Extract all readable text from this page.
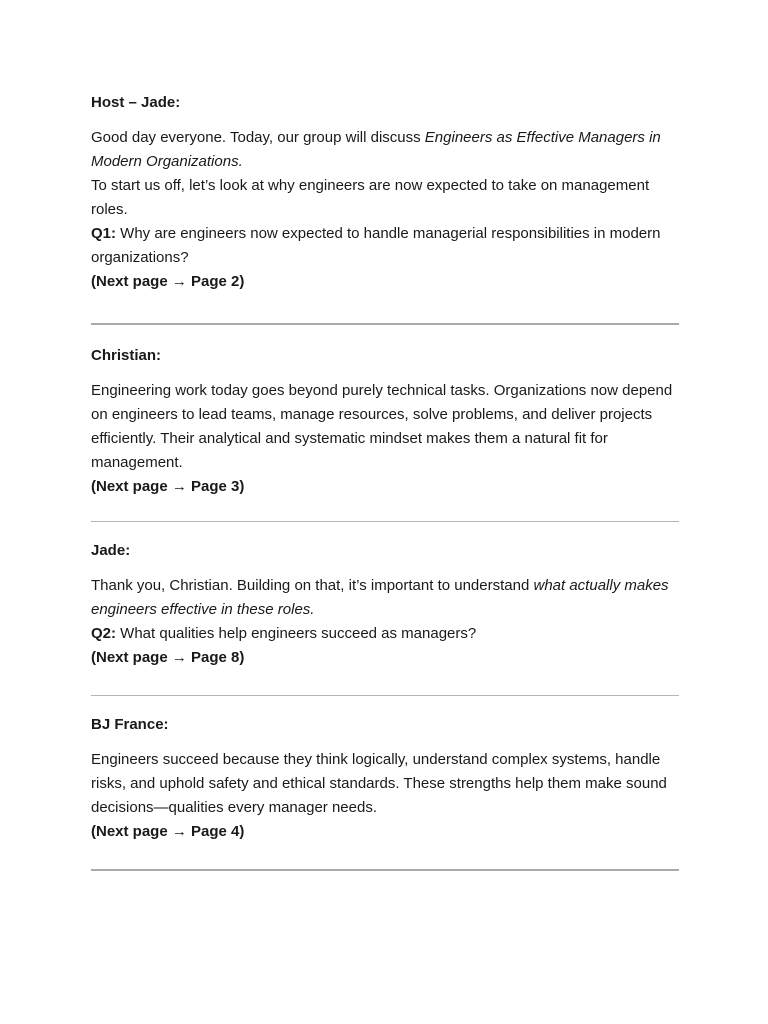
Host – Jade:

Good day everyone. Today, our group will discuss Engineers as Effective Managers in Modern Organizations.

To start us off, let’s look at why engineers are now expected to take on management roles.

Q1: Why are engineers now expected to handle managerial responsibilities in modern organizations?

(Next page → Page 2)

Christian:

Engineering work today goes beyond purely technical tasks. Organizations now depend on engineers to lead teams, manage resources, solve problems, and deliver projects efficiently. Their analytical and systematic mindset makes them a natural fit for management.

(Next page → Page 3)

Jade:

Thank you, Christian. Building on that, it’s important to understand what actually makes engineers effective in these roles.

Q2: What qualities help engineers succeed as managers?

(Next page → Page 8)

BJ France:

Engineers succeed because they think logically, understand complex systems, handle risks, and uphold safety and ethical standards. These strengths help them make sound decisions—qualities every manager needs.

(Next page → Page 4)
